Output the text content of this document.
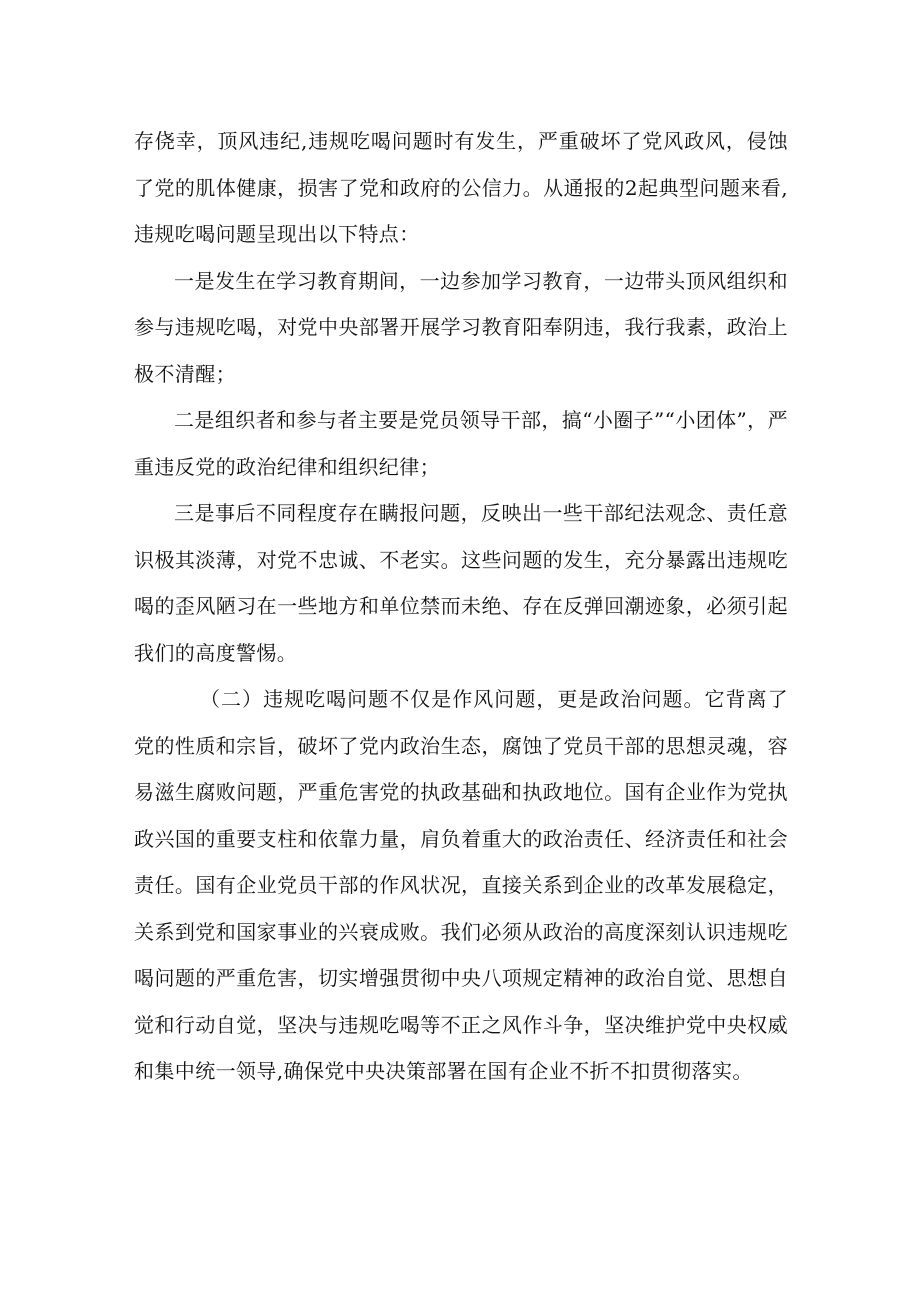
存侥幸，顶风违纪,违规吃喝问题时有发生，严重破坏了党风政风，侵蚀了党的肌体健康，损害了党和政府的公信力。从通报的2起典型问题来看,违规吃喝问题呈现出以下特点：

一是发生在学习教育期间，一边参加学习教育，一边带头顶风组织和参与违规吃喝，对党中央部署开展学习教育阳奉阴违，我行我素，政治上极不清醒；

二是组织者和参与者主要是党员领导干部，搞“小圈子”“小团体”，严重违反党的政治纪律和组织纪律；

三是事后不同程度存在瞒报问题，反映出一些干部纪法观念、责任意识极其淡薄，对党不忠诚、不老实。这些问题的发生，充分暴露出违规吃喝的歪风陋习在一些地方和单位禁而未绝、存在反弹回潮迹象，必须引起我们的高度警惕。

（二）违规吃喝问题不仅是作风问题，更是政治问题。它背离了党的性质和宗旨，破坏了党内政治生态，腐蚀了党员干部的思想灵魂，容易滋生腐败问题，严重危害党的执政基础和执政地位。国有企业作为党执政兴国的重要支柱和依靠力量，肩负着重大的政治责任、经济责任和社会责任。国有企业党员干部的作风状况，直接关系到企业的改革发展稳定，关系到党和国家事业的兴衰成败。我们必须从政治的高度深刻认识违规吃喝问题的严重危害，切实增强贯彻中央八项规定精神的政治自觉、思想自觉和行动自觉，坚决与违规吃喝等不正之风作斗争，坚决维护党中央权威和集中统一领导,确保党中央决策部署在国有企业不折不扣贯彻落实。
